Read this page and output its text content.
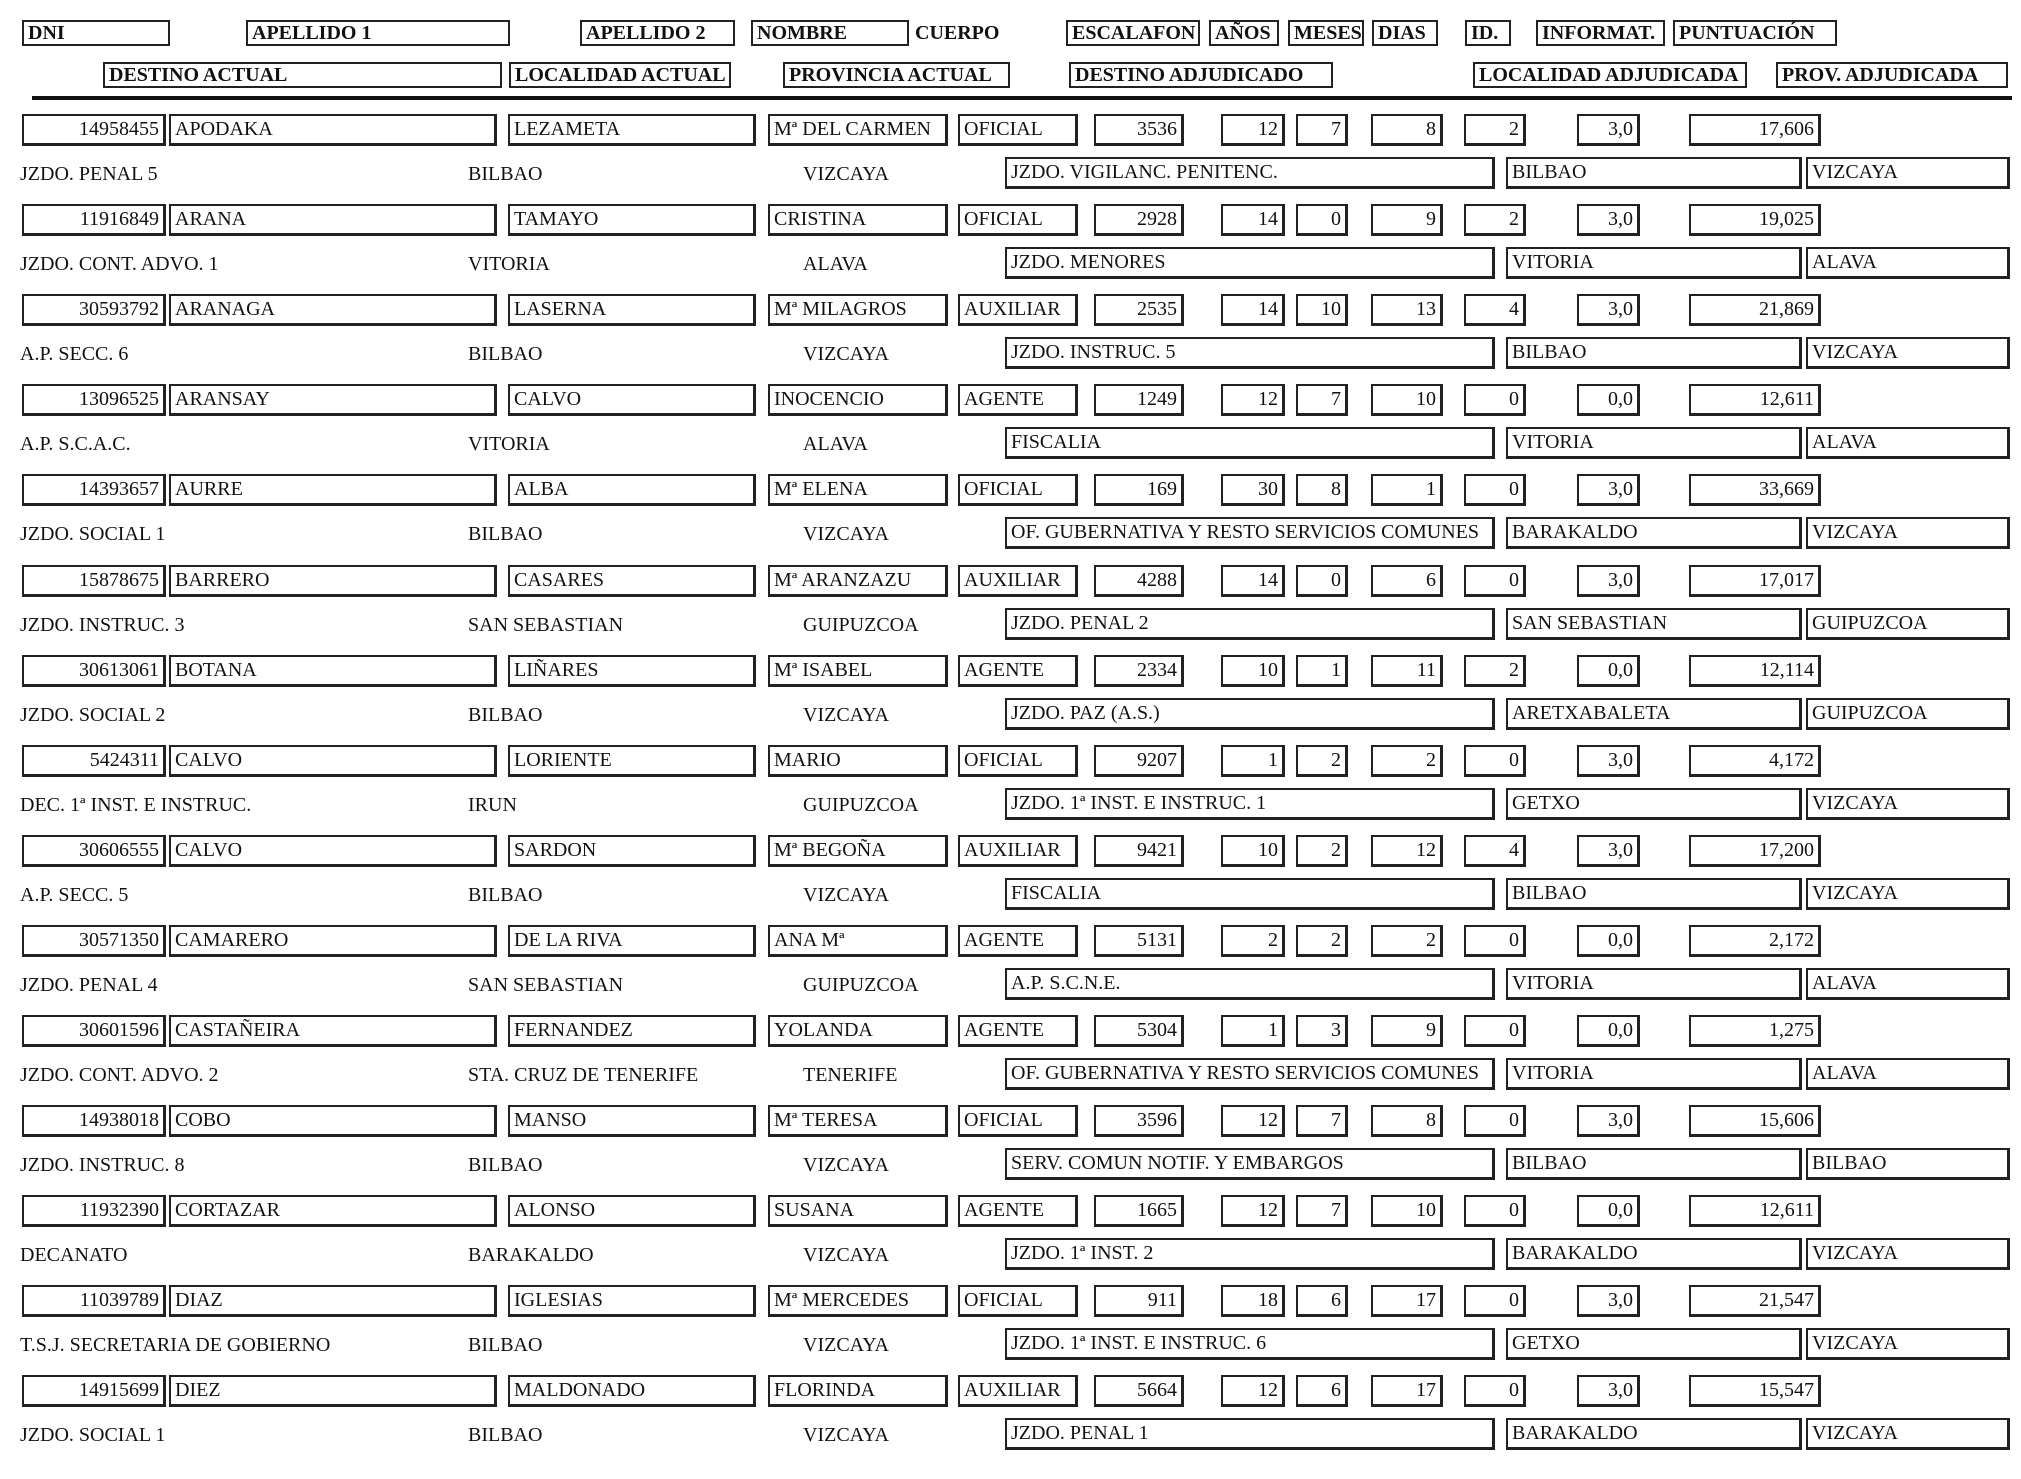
DNI	APELLIDO 1	APELLIDO 2	NOMBRE	CUERPO	ESCALAFON AÑOS	MESES DIAS	ID.	INFORMAT.	PUNTUACIÓN
DESTINO ACTUAL	LOCALIDAD ACTUAL	PROVINCIA ACTUAL	DESTINO ADJUDICADO	LOCALIDAD ADJUDICADA	PROV. ADJUDICADA
14958455 APODAKA	LEZAMETA	Mª DEL CARMEN	OFICIAL	3536	12	7	8	2	3,0	17,606
JZDO. PENAL 5	BILBAO	VIZCAYA	JZDO. VIGILANC. PENITENC.	BILBAO	VIZCAYA
11916849 ARANA	TAMAYO	CRISTINA	OFICIAL	2928	14	0	9	2	3,0	19,025
JZDO. CONT. ADVO. 1	VITORIA	ALAVA	JZDO. MENORES	VITORIA	ALAVA
30593792 ARANAGA	LASERNA	Mª MILAGROS	AUXILIAR	2535	14	10	13	4	3,0	21,869
A.P. SECC. 6	BILBAO	VIZCAYA	JZDO. INSTRUC. 5	BILBAO	VIZCAYA
13096525 ARANSAY	CALVO	INOCENCIO	AGENTE	1249	12	7	10	0	0,0	12,611
A.P. S.C.A.C.	VITORIA	ALAVA	FISCALIA	VITORIA	ALAVA
14393657 AURRE	ALBA	Mª ELENA	OFICIAL	169	30	8	1	0	3,0	33,669
JZDO. SOCIAL 1	BILBAO	VIZCAYA	OF. GUBERNATIVA Y RESTO SERVICIOS COMUNES	BARAKALDO	VIZCAYA
15878675 BARRERO	CASARES	Mª ARANZAZU	AUXILIAR	4288	14	0	6	0	3,0	17,017
JZDO. INSTRUC. 3	SAN SEBASTIAN	GUIPUZCOA	JZDO. PENAL 2	SAN SEBASTIAN	GUIPUZCOA
30613061 BOTANA	LIÑARES	Mª ISABEL	AGENTE	2334	10	1	11	2	0,0	12,114
JZDO. SOCIAL 2	BILBAO	VIZCAYA	JZDO. PAZ (A.S.)	ARETXABALETA	GUIPUZCOA
5424311 CALVO	LORIENTE	MARIO	OFICIAL	9207	1	2	2	0	3,0	4,172
DEC. 1ª INST. E INSTRUC.	IRUN	GUIPUZCOA	JZDO. 1ª INST. E INSTRUC. 1	GETXO	VIZCAYA
30606555 CALVO	SARDON	Mª BEGOÑA	AUXILIAR	9421	10	2	12	4	3,0	17,200
A.P. SECC. 5	BILBAO	VIZCAYA	FISCALIA	BILBAO	VIZCAYA
30571350 CAMARERO	DE LA RIVA	ANA Mª	AGENTE	5131	2	2	2	0	0,0	2,172
JZDO. PENAL 4	SAN SEBASTIAN	GUIPUZCOA	A.P. S.C.N.E.	VITORIA	ALAVA
30601596 CASTAÑEIRA	FERNANDEZ	YOLANDA	AGENTE	5304	1	3	9	0	0,0	1,275
JZDO. CONT. ADVO. 2	STA. CRUZ DE TENERIFE	TENERIFE	OF. GUBERNATIVA Y RESTO SERVICIOS COMUNES	VITORIA	ALAVA
14938018 COBO	MANSO	Mª TERESA	OFICIAL	3596	12	7	8	0	3,0	15,606
JZDO. INSTRUC. 8	BILBAO	VIZCAYA	SERV. COMUN NOTIF. Y EMBARGOS	BILBAO	BILBAO
11932390 CORTAZAR	ALONSO	SUSANA	AGENTE	1665	12	7	10	0	0,0	12,611
DECANATO	BARAKALDO	VIZCAYA	JZDO. 1ª INST. 2	BARAKALDO	VIZCAYA
11039789 DIAZ	IGLESIAS	Mª MERCEDES	OFICIAL	911	18	6	17	0	3,0	21,547
T.S.J. SECRETARIA DE GOBIERNO	BILBAO	VIZCAYA	JZDO. 1ª INST. E INSTRUC. 6	GETXO	VIZCAYA
14915699 DIEZ	MALDONADO	FLORINDA	AUXILIAR	5664	12	6	17	0	3,0	15,547
JZDO. SOCIAL 1	BILBAO	VIZCAYA	JZDO. PENAL 1	BARAKALDO	VIZCAYA
